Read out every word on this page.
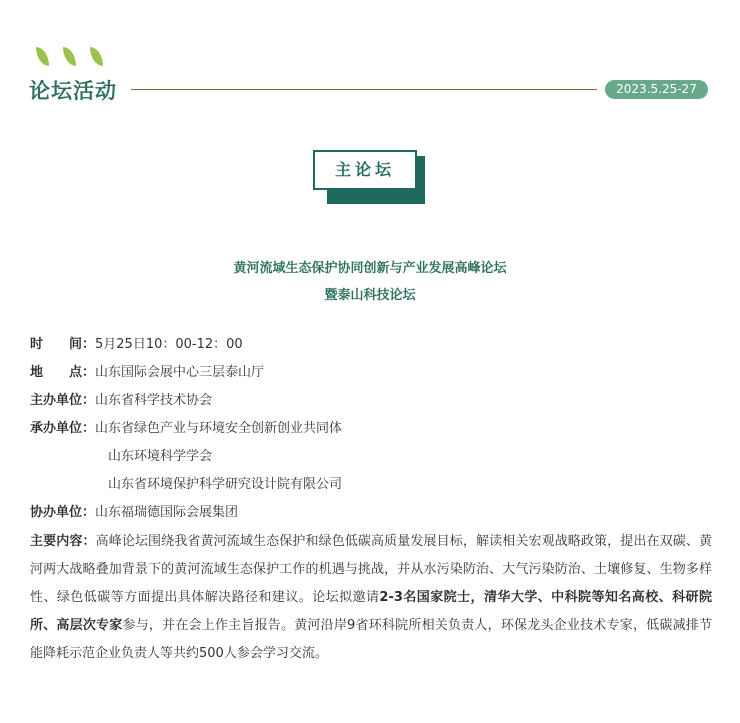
论坛活动	2023.5.25-27
主论坛
黄河流域生态保护协同创新与产业发展高峰论坛
暨泰山科技论坛
时　　间：5月25日10：00-12：00
地　　点：山东国际会展中心三层泰山厅
主办单位：山东省科学技术协会
承办单位：山东省绿色产业与环境安全创新创业共同体
山东环境科学学会
山东省环境保护科学研究设计院有限公司
协办单位：山东福瑞德国际会展集团
主要内容：高峰论坛围绕我省黄河流域生态保护和绿色低碳高质量发展目标，解读相关宏观战略政策，提出在双碳、黄河两大战略叠加背景下的黄河流域生态保护工作的机遇与挑战，并从水污染防治、大气污染防治、土壤修复、生物多样性、绿色低碳等方面提出具体解决路径和建议。论坛拟邀请2-3名国家院士，清华大学、中科院等知名高校、科研院所、高层次专家参与，并在会上作主旨报告。黄河沿岸9省环科院所相关负责人，环保龙头企业技术专家，低碳减排节能降耗示范企业负责人等共约500人参会学习交流。
